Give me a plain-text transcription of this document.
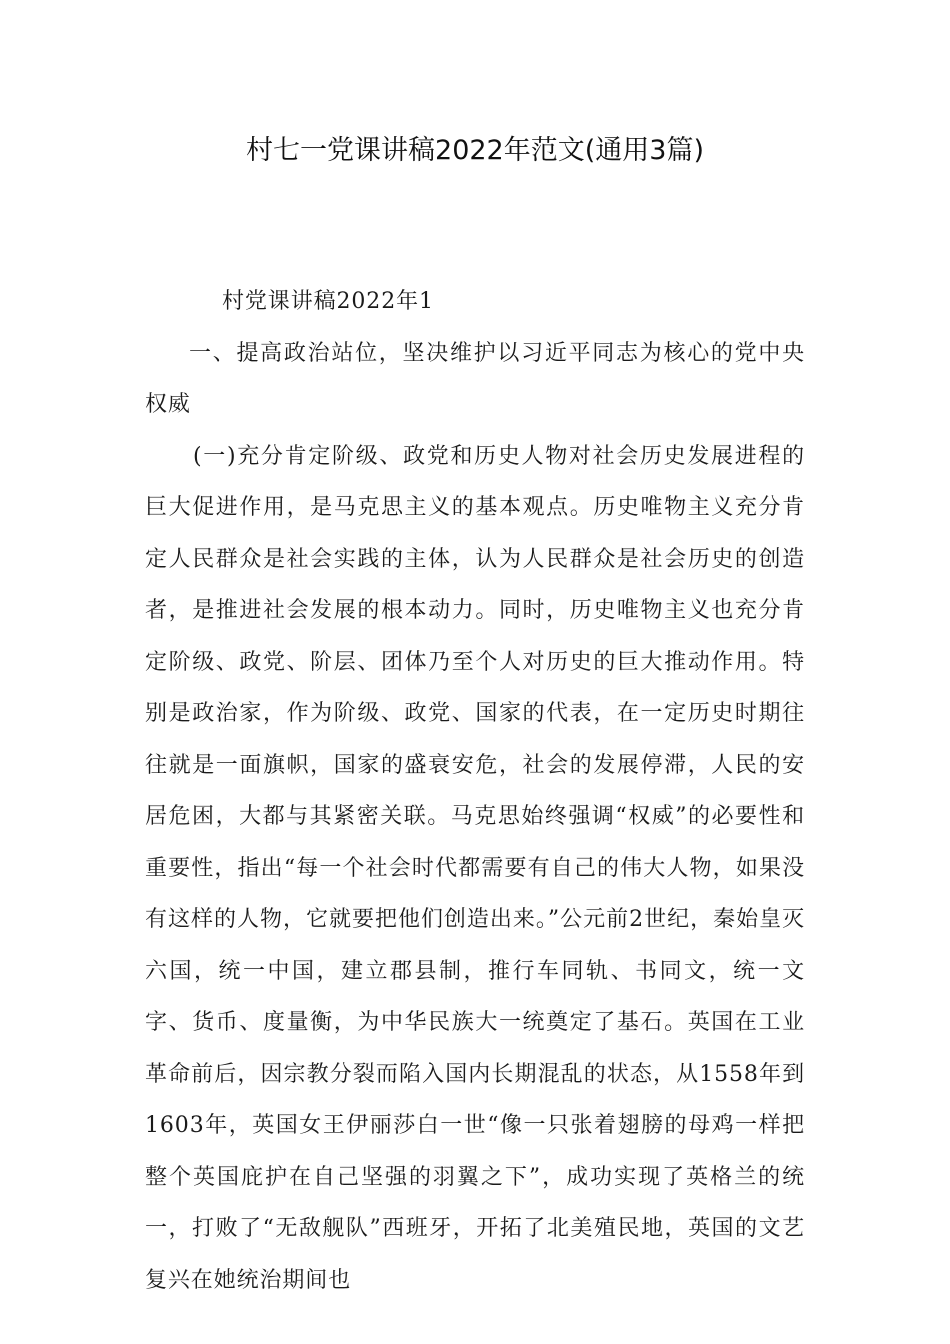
村七一党课讲稿2022年范文(通用3篇)

村党课讲稿2022年1

一、提高政治站位，坚决维护以习近平同志为核心的党中央权威

(一)充分肯定阶级、政党和历史人物对社会历史发展进程的巨大促进作用，是马克思主义的基本观点。历史唯物主义充分肯定人民群众是社会实践的主体，认为人民群众是社会历史的创造者，是推进社会发展的根本动力。同时，历史唯物主义也充分肯定阶级、政党、阶层、团体乃至个人对历史的巨大推动作用。特别是政治家，作为阶级、政党、国家的代表，在一定历史时期往往就是一面旗帜，国家的盛衰安危，社会的发展停滞，人民的安居危困，大都与其紧密关联。马克思始终强调“权威”的必要性和重要性，指出“每一个社会时代都需要有自己的伟大人物，如果没有这样的人物，它就要把他们创造出来。”公元前2世纪，秦始皇灭六国，统一中国，建立郡县制，推行车同轨、书同文，统一文字、货币、度量衡，为中华民族大一统奠定了基石。英国在工业革命前后，因宗教分裂而陷入国内长期混乱的状态，从1558年到1603年，英国女王伊丽莎白一世“像一只张着翅膀的母鸡一样把整个英国庇护在自己坚强的羽翼之下”，成功实现了英格兰的统一，打败了“无敌舰队”西班牙，开拓了北美殖民地，英国的文艺复兴在她统治期间也
